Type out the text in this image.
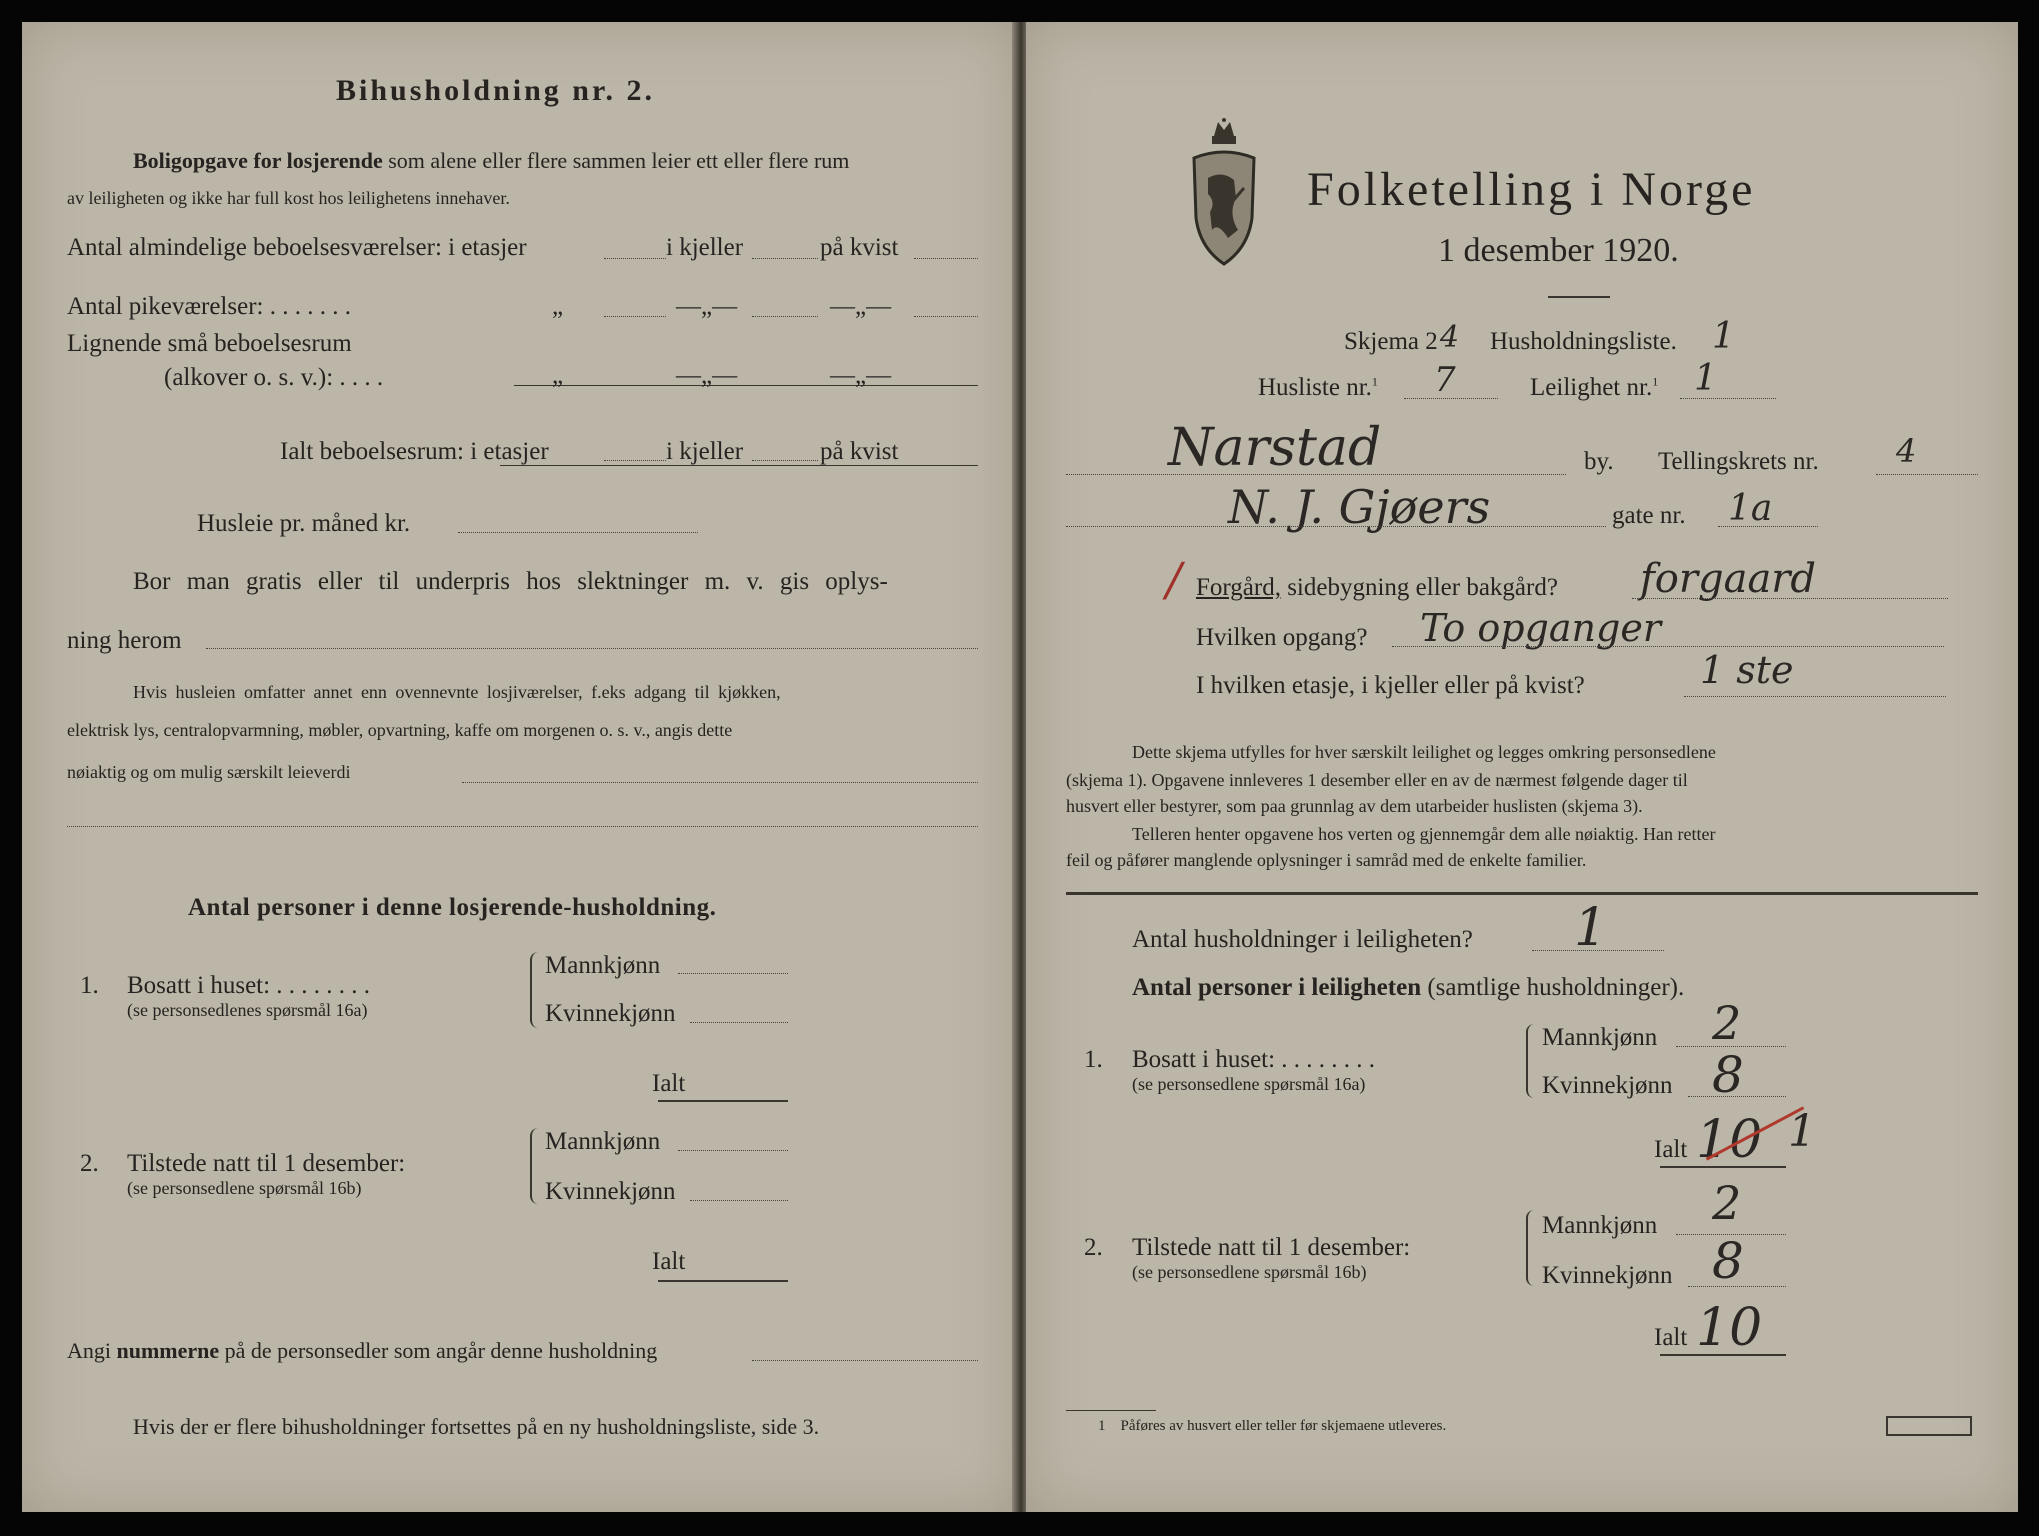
Bihusholdning nr. 2.
Boligopgave for losjerende som alene eller flere sammen leier ett eller flere rum
av leiligheten og ikke har full kost hos leilighetens innehaver.
Antal almindelige beboelsesværelser: i etasjer	i kjeller	på kvist
Antal pikeværelser: . . . . . . .	„	—„—	—„—
Lignende små beboelsesrum
(alkover o. s. v.): . . . .	„	—„—	—„—
Ialt beboelsesrum: i etasjer	i kjeller	på kvist
Husleie pr. måned kr.
Bor man gratis eller til underpris hos slektninger m. v. gis oplys-
ning herom
Hvis husleien omfatter annet enn ovennevnte losjiværelser, f.eks adgang til kjøkken,
elektrisk lys, centralopvarmning, møbler, opvartning, kaffe om morgenen o. s. v., angis dette
nøiaktig og om mulig særskilt leieverdi
Antal personer i denne losjerende-husholdning.
1. Bosatt i huset: . . . . . . . .
(se personsedlenes spørsmål 16a)
Mannkjønn
Kvinnekjønn
Ialt
2. Tilstede natt til 1 desember:
(se personsedlene spørsmål 16b)
Mannkjønn
Kvinnekjønn
Ialt
Angi nummerne på de personsedler som angår denne husholdning
Hvis der er flere bihusholdninger fortsettes på en ny husholdningsliste, side 3.
Folketelling i Norge
1 desember 1920.
Skjema 2 4 Husholdningsliste. 1
Husliste nr.$^1$ 7	Leilighet nr.$^1$ 1
Narstad	by. Tellingskrets nr. 4
N. J. Gjøers	gate nr. 1a
/ Forgård, sidebygning eller bakgård? forgaard
Hvilken opgang? To opganger
I hvilken etasje, i kjeller eller på kvist?	1 ste
Dette skjema utfylles for hver særskilt leilighet og legges omkring personsedlene
(skjema 1). Opgavene innleveres 1 desember eller en av de nærmest følgende dager til
husvert eller bestyrer, som paa grunnlag av dem utarbeider huslisten (skjema 3).
Telleren henter opgavene hos verten og gjennemgår dem alle nøiaktig. Han retter
feil og påfører manglende oplysninger i samråd med de enkelte familier.
Antal husholdninger i leiligheten? 1
Antal personer i leiligheten (samtlige husholdninger).
1. Bosatt i huset: . . . . . . . .
(se personsedlene spørsmål 16a)
Mannkjønn 2
Kvinnekjønn 8
Ialt 10 1
2. Tilstede natt til 1 desember:
(se personsedlene spørsmål 16b)
Mannkjønn 2
Kvinnekjønn 8
Ialt 10
1 Påføres av husvert eller teller før skjemaene utleveres.
